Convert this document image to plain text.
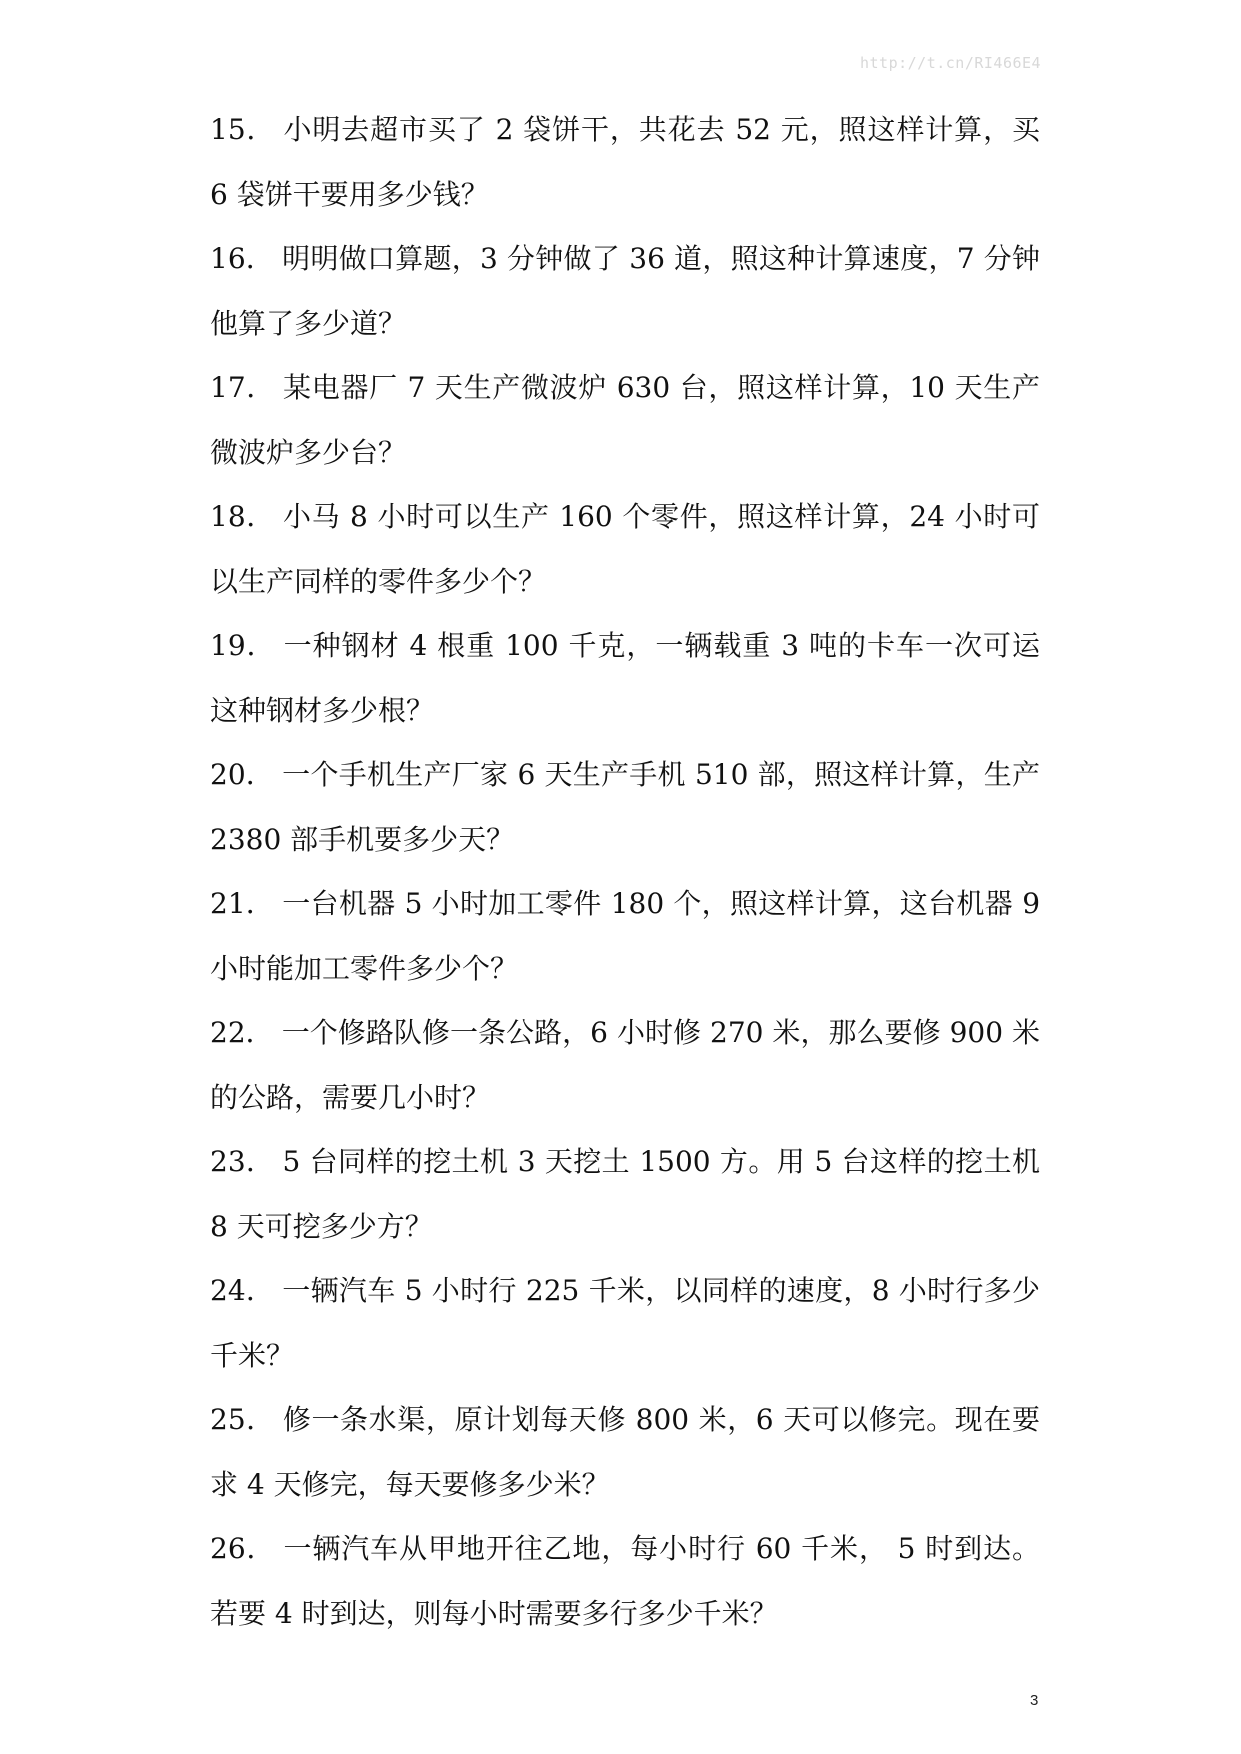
http://t.cn/RI466E4

15． 小明去超市买了 2 袋饼干，共花去 52 元，照这样计算，买 6 袋饼干要用多少钱？

16． 明明做口算题，3 分钟做了 36 道，照这种计算速度，7 分钟他算了多少道？

17． 某电器厂 7 天生产微波炉 630 台，照这样计算，10 天生产微波炉多少台？

18． 小马 8 小时可以生产 160 个零件，照这样计算，24 小时可以生产同样的零件多少个？

19． 一种钢材 4 根重 100 千克，一辆载重 3 吨的卡车一次可运这种钢材多少根？

20． 一个手机生产厂家 6 天生产手机 510 部，照这样计算，生产 2380 部手机要多少天？

21． 一台机器 5 小时加工零件 180 个，照这样计算，这台机器 9 小时能加工零件多少个？

22． 一个修路队修一条公路，6 小时修 270 米，那么要修 900 米的公路，需要几小时？

23． 5 台同样的挖土机 3 天挖土 1500 方。用 5 台这样的挖土机 8 天可挖多少方？

24． 一辆汽车 5 小时行 225 千米，以同样的速度，8 小时行多少千米？

25． 修一条水渠，原计划每天修 800 米，6 天可以修完。现在要求 4 天修完，每天要修多少米？

26． 一辆汽车从甲地开往乙地，每小时行 60 千米， 5 时到达。若要 4 时到达，则每小时需要多行多少千米？

3
